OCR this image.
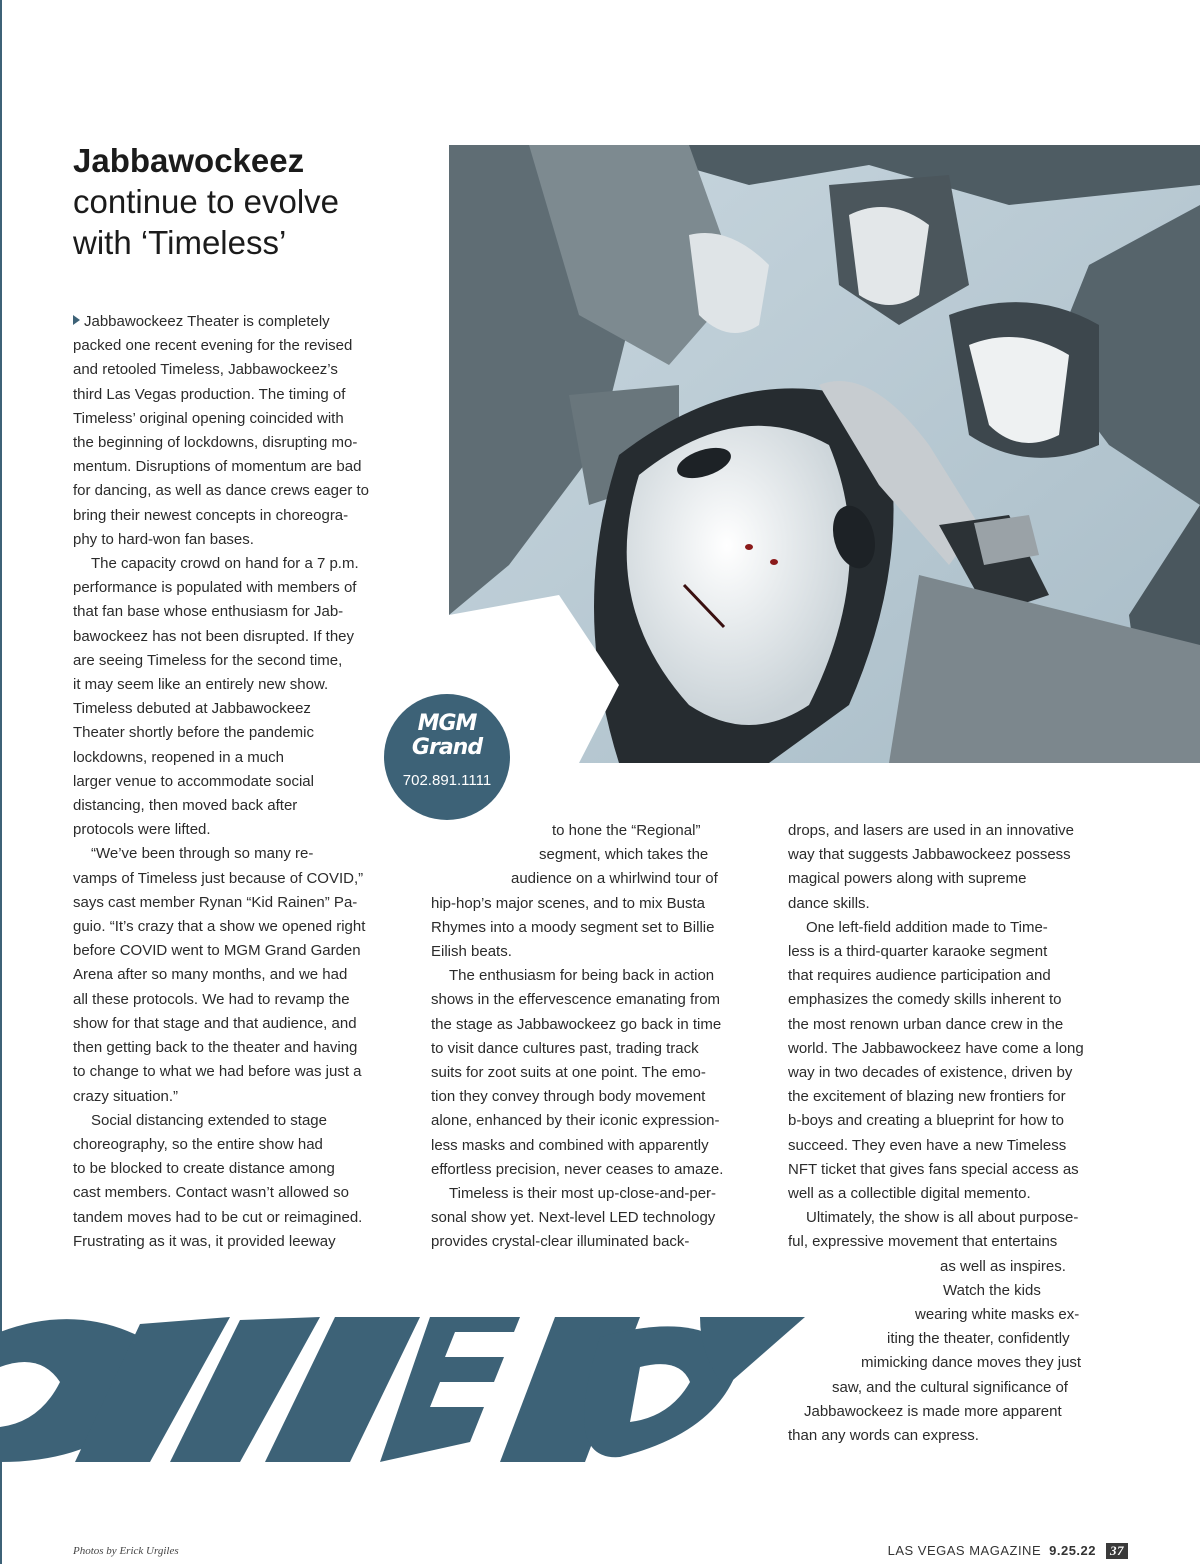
Jabbawockeez
continue to evolve
with ‘Timeless’
MGM
Grand
702.891.1111

Jabbawockeez Theater is completely

packed one recent evening for the revised

and retooled Timeless, Jabbawockeez’s

third Las Vegas production. The timing of

Timeless’ original opening coincided with

the beginning of lockdowns, disrupting mo-

mentum. Disruptions of momentum are bad

for dancing, as well as dance crews eager to

bring their newest concepts in choreogra-

phy to hard-won fan bases.

The capacity crowd on hand for a 7 p.m.

performance is populated with members of

that fan base whose enthusiasm for Jab-

bawockeez has not been disrupted. If they

are seeing Timeless for the second time,

it may seem like an entirely new show.

Timeless debuted at Jabbawockeez

Theater shortly before the pandemic

lockdowns, reopened in a much

larger venue to accommodate social

distancing, then moved back after

protocols were lifted.

“We’ve been through so many re-

vamps of Timeless just because of COVID,”

says cast member Rynan “Kid Rainen” Pa-

guio. “It’s crazy that a show we opened right

before COVID went to MGM Grand Garden

Arena after so many months, and we had

all these protocols. We had to revamp the

show for that stage and that audience, and

then getting back to the theater and having

to change to what we had before was just a

crazy situation.”

Social distancing extended to stage

choreography, so the entire show had

to be blocked to create distance among

cast members. Contact wasn’t allowed so

tandem moves had to be cut or reimagined.

Frustrating as it was, it provided leeway

to hone the “Regional”

segment, which takes the

audience on a whirlwind tour of

hip-hop’s major scenes, and to mix Busta

Rhymes into a moody segment set to Billie

Eilish beats.

The enthusiasm for being back in action

shows in the effervescence emanating from

the stage as Jabbawockeez go back in time

to visit dance cultures past, trading track

suits for zoot suits at one point. The emo-

tion they convey through body movement

alone, enhanced by their iconic expression-

less masks and combined with apparently

effortless precision, never ceases to amaze.

Timeless is their most up-close-and-per-

sonal show yet. Next-level LED technology

provides crystal-clear illuminated back-

drops, and lasers are used in an innovative

way that suggests Jabbawockeez possess

magical powers along with supreme

dance skills.

One left-field addition made to Time-

less is a third-quarter karaoke segment

that requires audience participation and

emphasizes the comedy skills inherent to

the most renown urban dance crew in the

world. The Jabbawockeez have come a long

way in two decades of existence, driven by

the excitement of blazing new frontiers for

b-boys and creating a blueprint for how to

succeed. They even have a new Timeless

NFT ticket that gives fans special access as

well as a collectible digital memento.

Ultimately, the show is all about purpose-

ful, expressive movement that entertains

as well as inspires.

Watch the kids

wearing white masks ex-

iting the theater, confidently

mimicking dance moves they just

saw, and the cultural significance of

Jabbawockeez is made more apparent

than any words can express.

Photos by Erick Urgiles	LAS VEGAS MAGAZINE 9.25.22 37
